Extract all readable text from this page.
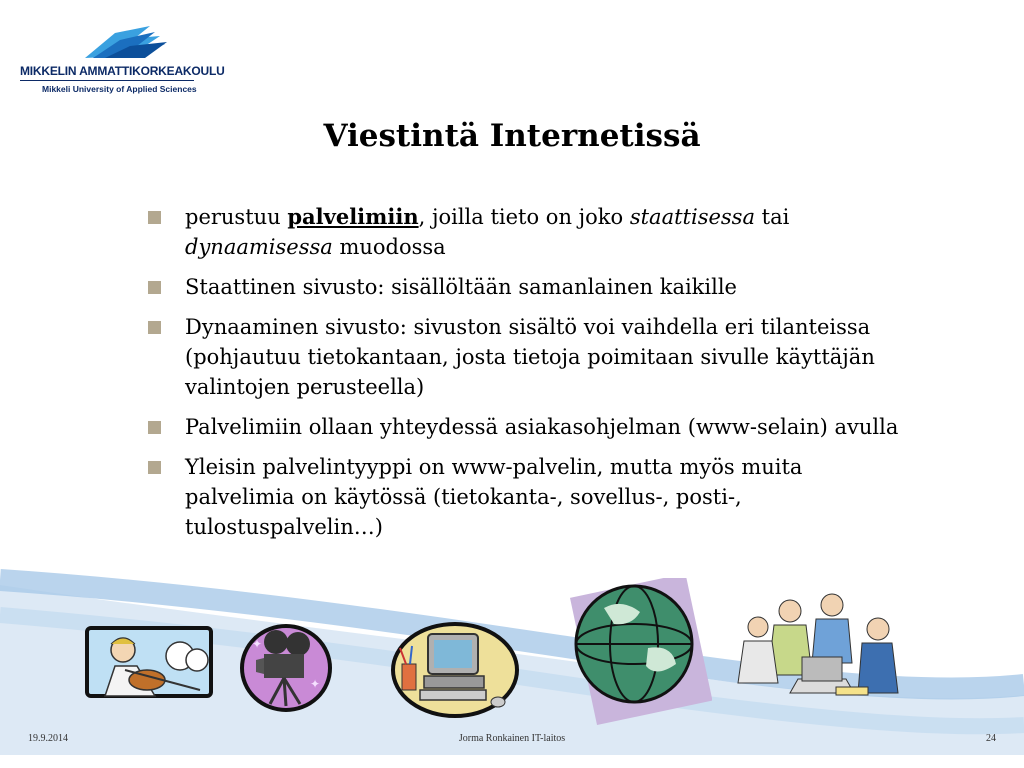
MIKKELIN AMMATTIKORKEAKOULU
Mikkeli University of Applied Sciences
Viestintä Internetissä
perustuu palvelimiin, joilla tieto on joko staattisessa tai dynaamisessa muodossa
Staattinen sivusto: sisällöltään samanlainen kaikille
Dynaaminen sivusto: sivuston sisältö voi vaihdella eri tilanteissa (pohjautuu tietokantaan, josta tietoja poimitaan sivulle käyttäjän valintojen perusteella)
Palvelimiin ollaan yhteydessä asiakasohjelman (www-selain) avulla
Yleisin palvelintyyppi on www-palvelin, mutta myös muita palvelimia on käytössä (tietokanta-, sovellus-, posti-, tulostuspalvelin…)
✦
✦
19.9.2014	Jorma Ronkainen IT-laitos	24
